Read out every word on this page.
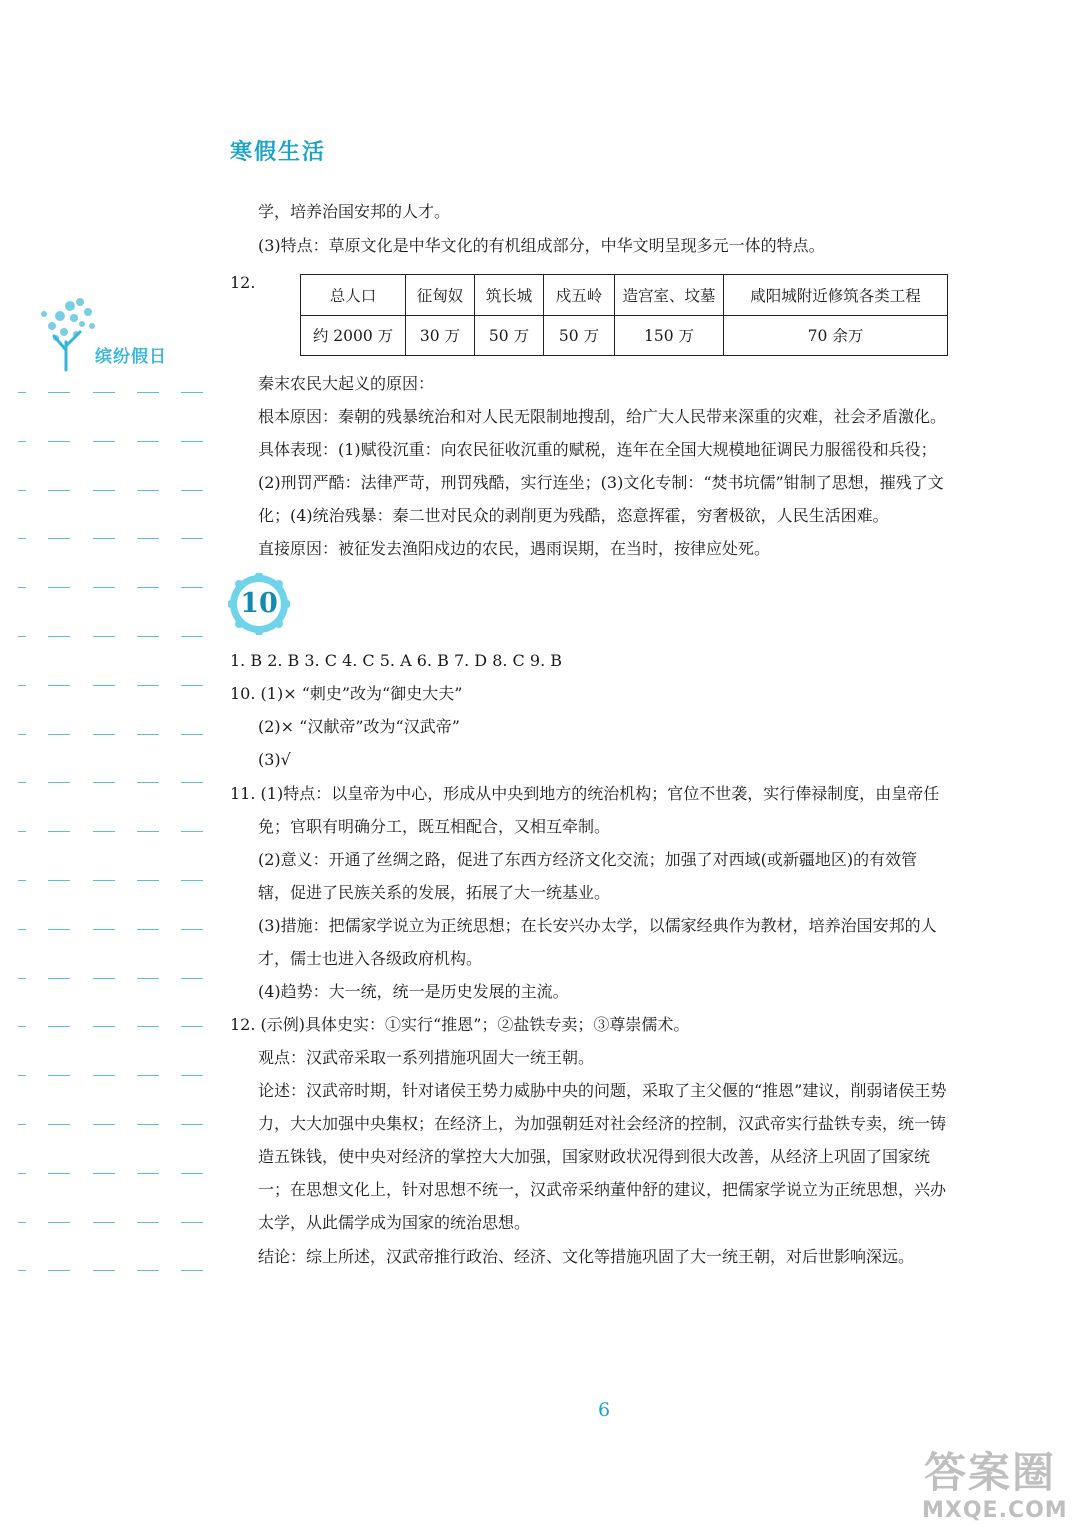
寒假生活
缤纷假日
学，培养治国安邦的人才。
(3)特点：草原文化是中华文化的有机组成部分，中华文明呈现多元一体的特点。
12.
总人口	征匈奴	筑长城	戍五岭	造宫室、坟墓	咸阳城附近修筑各类工程
约 2000 万	30 万	50 万	50 万	150 万	70 余万
秦末农民大起义的原因：
根本原因：秦朝的残暴统治和对人民无限制地搜刮，给广大人民带来深重的灾难，社会矛盾激化。
具体表现：(1)赋役沉重：向农民征收沉重的赋税，连年在全国大规模地征调民力服徭役和兵役；
(2)刑罚严酷：法律严苛，刑罚残酷，实行连坐；(3)文化专制：“焚书坑儒”钳制了思想，摧残了文
化；(4)统治残暴：秦二世对民众的剥削更为残酷，恣意挥霍，穷奢极欲，人民生活困难。
直接原因：被征发去渔阳戍边的农民，遇雨误期，在当时，按律应处死。
10
1. B 2. B 3. C 4. C 5. A 6. B 7. D 8. C 9. B
10. (1)× “刺史”改为“御史大夫”
(2)× “汉献帝”改为“汉武帝”
(3)√
11. (1)特点：以皇帝为中心，形成从中央到地方的统治机构；官位不世袭，实行俸禄制度，由皇帝任
免；官职有明确分工，既互相配合，又相互牵制。
(2)意义：开通了丝绸之路，促进了东西方经济文化交流；加强了对西域(或新疆地区)的有效管
辖，促进了民族关系的发展，拓展了大一统基业。
(3)措施：把儒家学说立为正统思想；在长安兴办太学，以儒家经典作为教材，培养治国安邦的人
才，儒士也进入各级政府机构。
(4)趋势：大一统，统一是历史发展的主流。
12. (示例)具体史实：①实行“推恩”；②盐铁专卖；③尊崇儒术。
观点：汉武帝采取一系列措施巩固大一统王朝。
论述：汉武帝时期，针对诸侯王势力威胁中央的问题，采取了主父偃的“推恩”建议，削弱诸侯王势
力，大大加强中央集权；在经济上，为加强朝廷对社会经济的控制，汉武帝实行盐铁专卖，统一铸
造五铢钱，使中央对经济的掌控大大加强，国家财政状况得到很大改善，从经济上巩固了国家统
一；在思想文化上，针对思想不统一，汉武帝采纳董仲舒的建议，把儒家学说立为正统思想，兴办
太学，从此儒学成为国家的统治思想。
结论：综上所述，汉武帝推行政治、经济、文化等措施巩固了大一统王朝，对后世影响深远。
6
答案圈
MXQE.COM
